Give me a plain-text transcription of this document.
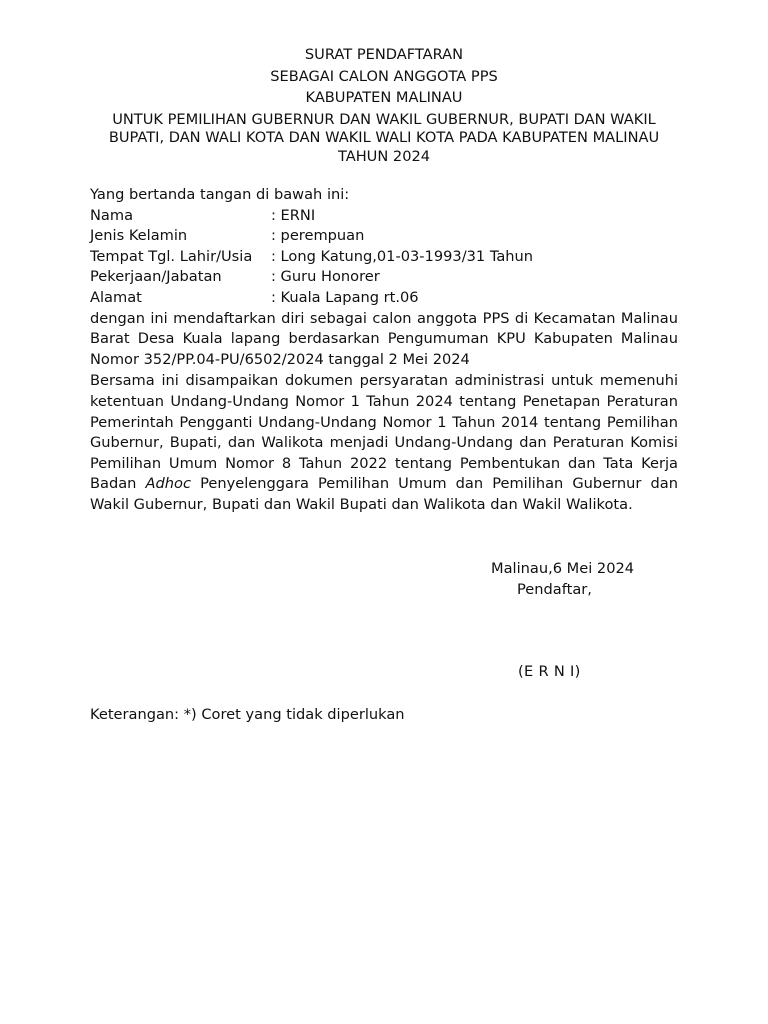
SURAT PENDAFTARAN
SEBAGAI CALON ANGGOTA PPS
KABUPATEN MALINAU
UNTUK PEMILIHAN GUBERNUR DAN WAKIL GUBERNUR, BUPATI DAN WAKIL
BUPATI, DAN WALI KOTA DAN WAKIL WALI KOTA PADA KABUPATEN MALINAU
TAHUN 2024
Yang bertanda tangan di bawah ini:
Nama	: ERNI
Jenis Kelamin	: perempuan
Tempat Tgl. Lahir/Usia	: Long Katung,01-03-1993/31 Tahun
Pekerjaan/Jabatan	: Guru Honorer
Alamat	: Kuala Lapang rt.06
dengan ini mendaftarkan diri sebagai calon anggota PPS di Kecamatan Malinau Barat Desa Kuala lapang berdasarkan Pengumuman KPU Kabupaten Malinau Nomor 352/PP.04-PU/6502/2024 tanggal 2 Mei 2024
Bersama ini disampaikan dokumen persyaratan administrasi untuk memenuhi ketentuan Undang-Undang Nomor 1 Tahun 2024 tentang Penetapan Peraturan Pemerintah Pengganti Undang-Undang Nomor 1 Tahun 2014 tentang Pemilihan Gubernur, Bupati, dan Walikota menjadi Undang-Undang dan Peraturan Komisi Pemilihan Umum Nomor 8 Tahun 2022 tentang Pembentukan dan Tata Kerja Badan Adhoc Penyelenggara Pemilihan Umum dan Pemilihan Gubernur dan Wakil Gubernur, Bupati dan Wakil Bupati dan Walikota dan Wakil Walikota.
Malinau,6 Mei 2024
Pendaftar,
(E R N I)
Keterangan: *) Coret yang tidak diperlukan
